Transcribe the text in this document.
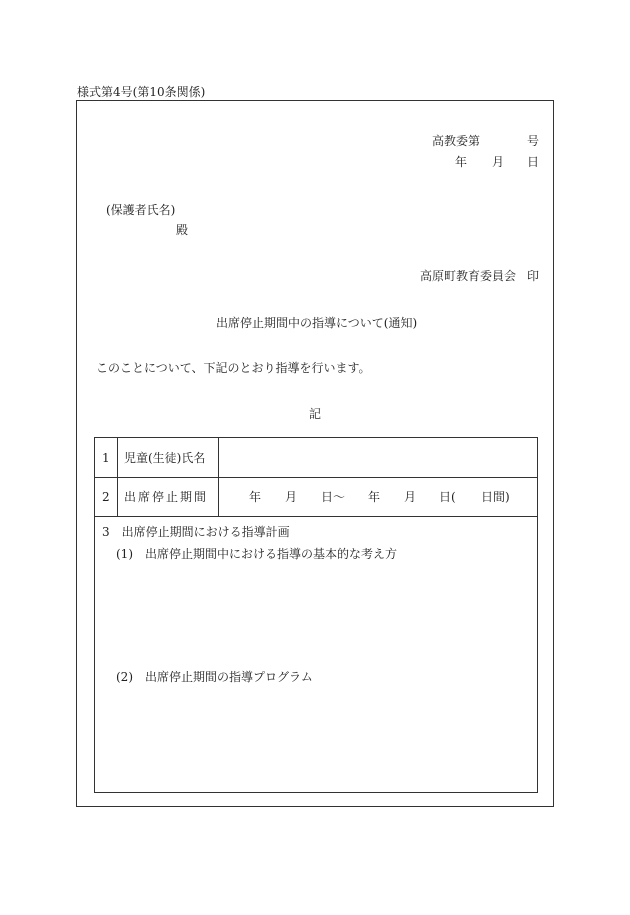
様式第4号(第10条関係)
高教委第	号
年 月 日
(保護者氏名)
殿
高原町教育委員会 印
出席停止期間中の指導について(通知)
このことについて、下記のとおり指導を行います。
記
1 児童(生徒)氏名
2 出席停止期間	年 月 日〜 年 月 日( 日間)
3　出席停止期間における指導計画
(1)　出席停止期間中における指導の基本的な考え方
(2)　出席停止期間の指導プログラム
